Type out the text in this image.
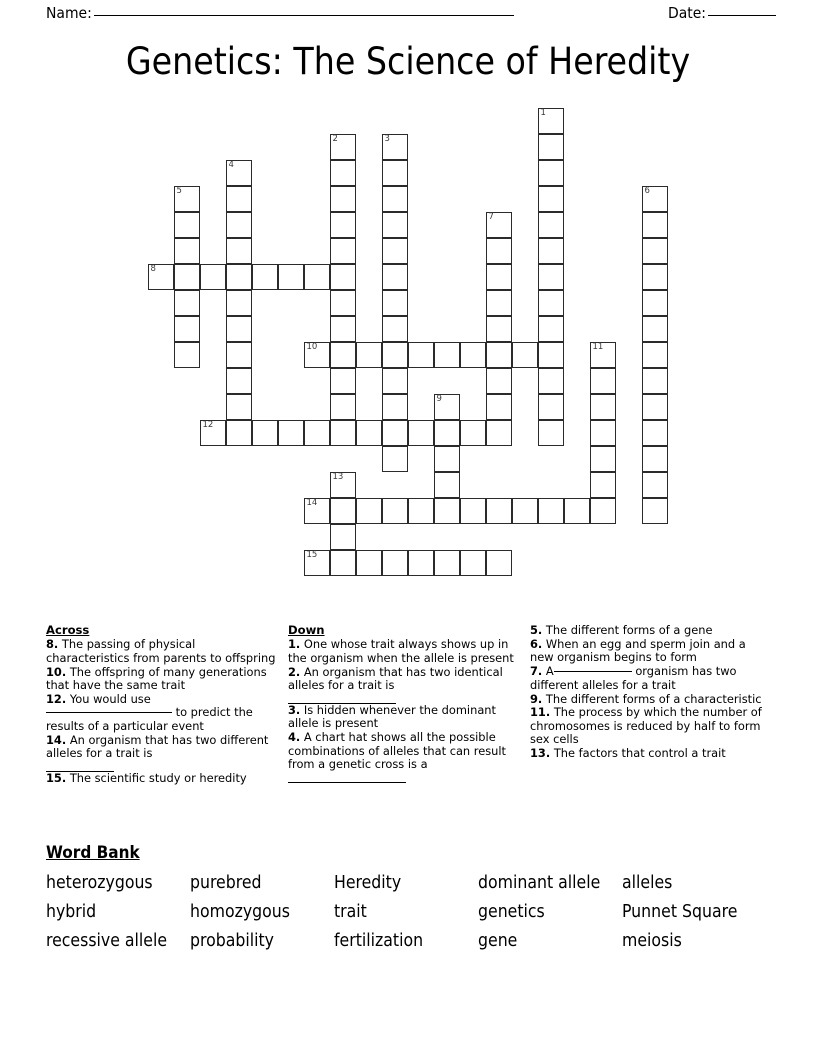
Name:	Date:
Genetics: The Science of Heredity
1
2	3
4
5	6
7
8
9
10	11
12
13
14
15
Across
8. The passing of physical characteristics from parents to offspring
10. The offspring of many generations that have the same trait
12. You would use  to predict the results of a particular event
14. An organism that has two different alleles for a trait is
15. The scientific study or heredity
Down
1. One whose trait always shows up in the organism when the allele is present
2. An organism that has two identical alleles for a trait is
3. Is hidden whenever the dominant allele is present
4. A chart hat shows all the possible combinations of alleles that can result from a genetic cross is a
5. The different forms of a gene
6. When an egg and sperm join and a new organism begins to form
7. A	organism has two different alleles for a trait
9. The different forms of a characteristic
11. The process by which the number of chromosomes is reduced by half to form sex cells
13. The factors that control a trait
Word Bank
heterozygous	purebred	Heredity	dominant allele	alleles
hybrid	homozygous	trait	genetics	Punnet Square
recessive allele	probability	fertilization	gene	meiosis
